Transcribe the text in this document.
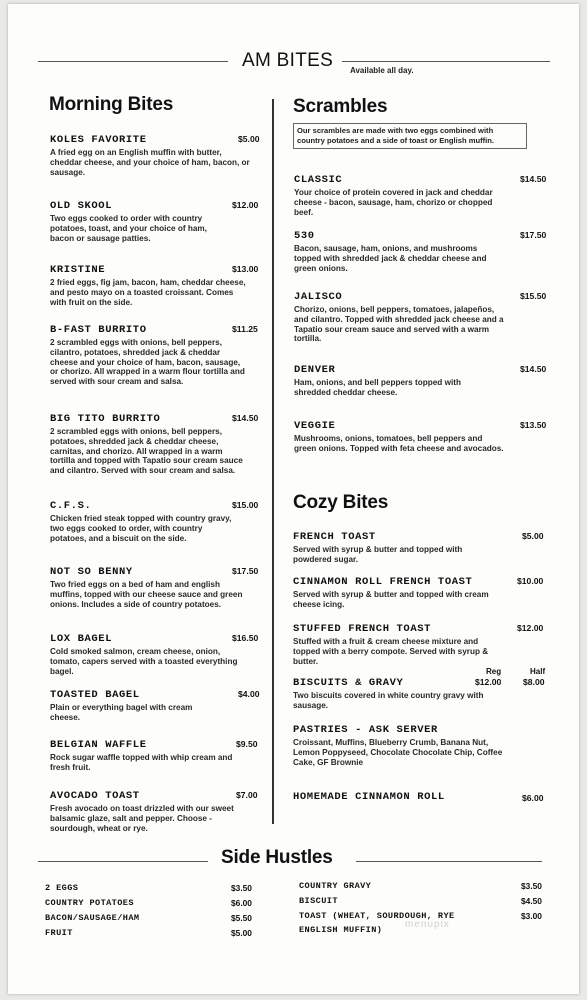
AM BITES Available all day.
Morning Bites
KOLES FAVORITE	$5.00
A fried egg on an English muffin with butter, cheddar cheese, and your choice of ham, bacon, or sausage.
OLD SKOOL	$12.00
Two eggs cooked to order with country potatoes, toast, and your choice of ham, bacon or sausage patties.
KRISTINE	$13.00
2 fried eggs, fig jam, bacon, ham, cheddar cheese, and pesto mayo on a toasted croissant. Comes with fruit on the side.
B-FAST BURRITO	$11.25
2 scrambled eggs with onions, bell peppers, cilantro, potatoes, shredded jack & cheddar cheese and your choice of ham, bacon, sausage, or chorizo. All wrapped in a warm flour tortilla and served with sour cream and salsa.
BIG TITO BURRITO	$14.50
2 scrambled eggs with onions, bell peppers, potatoes, shredded jack & cheddar cheese, carnitas, and chorizo. All wrapped in a warm tortilla and topped with Tapatio sour cream sauce and cilantro. Served with sour cream and salsa.
C.F.S.	$15.00
Chicken fried steak topped with country gravy, two eggs cooked to order, with country potatoes, and a biscuit on the side.
NOT SO BENNY	$17.50
Two fried eggs on a bed of ham and english muffins, topped with our cheese sauce and green onions. Includes a side of country potatoes.
LOX BAGEL	$16.50
Cold smoked salmon, cream cheese, onion, tomato, capers served with a toasted everything bagel.
TOASTED BAGEL	$4.00
Plain or everything bagel with cream cheese.
BELGIAN WAFFLE	$9.50
Rock sugar waffle topped with whip cream and fresh fruit.
AVOCADO TOAST	$7.00
Fresh avocado on toast drizzled with our sweet balsamic glaze, salt and pepper. Choose - sourdough, wheat or rye.
Scrambles
Our scrambles are made with two eggs combined with country potatoes and a side of toast or English muffin.
CLASSIC	$14.50
Your choice of protein covered in jack and cheddar cheese - bacon, sausage, ham, chorizo or chopped beef.
530	$17.50
Bacon, sausage, ham, onions, and mushrooms topped with shredded jack & cheddar cheese and green onions.
JALISCO	$15.50
Chorizo, onions, bell peppers, tomatoes, jalapeños, and cilantro. Topped with shredded jack cheese and a Tapatio sour cream sauce and served with a warm tortilla.
DENVER	$14.50
Ham, onions, and bell peppers topped with shredded cheddar cheese.
VEGGIE	$13.50
Mushrooms, onions, tomatoes, bell peppers and green onions. Topped with feta cheese and avocados.
Cozy Bites
FRENCH TOAST	$5.00
Served with syrup & butter and topped with powdered sugar.
CINNAMON ROLL FRENCH TOAST	$10.00
Served with syrup & butter and topped with cream cheese icing.
STUFFED FRENCH TOAST	$12.00
Stuffed with a fruit & cream cheese mixture and topped with a berry compote. Served with syrup & butter.
Reg	Half
BISCUITS & GRAVY	$12.00	$8.00
Two biscuits covered in white country gravy with sausage.
PASTRIES - ASK SERVER
Croissant, Muffins, Blueberry Crumb, Banana Nut, Lemon Poppyseed, Chocolate Chocolate Chip, Coffee Cake, GF Brownie
HOMEMADE CINNAMON ROLL	$6.00
Side Hustles
2 EGGS	$3.50
COUNTRY POTATOES	$6.00
BACON/SAUSAGE/HAM	$5.50
FRUIT	$5.00
COUNTRY GRAVY	$3.50
BISCUIT	$4.50
TOAST (WHEAT, SOURDOUGH, RYE	$3.00
ENGLISH MUFFIN) menupix
